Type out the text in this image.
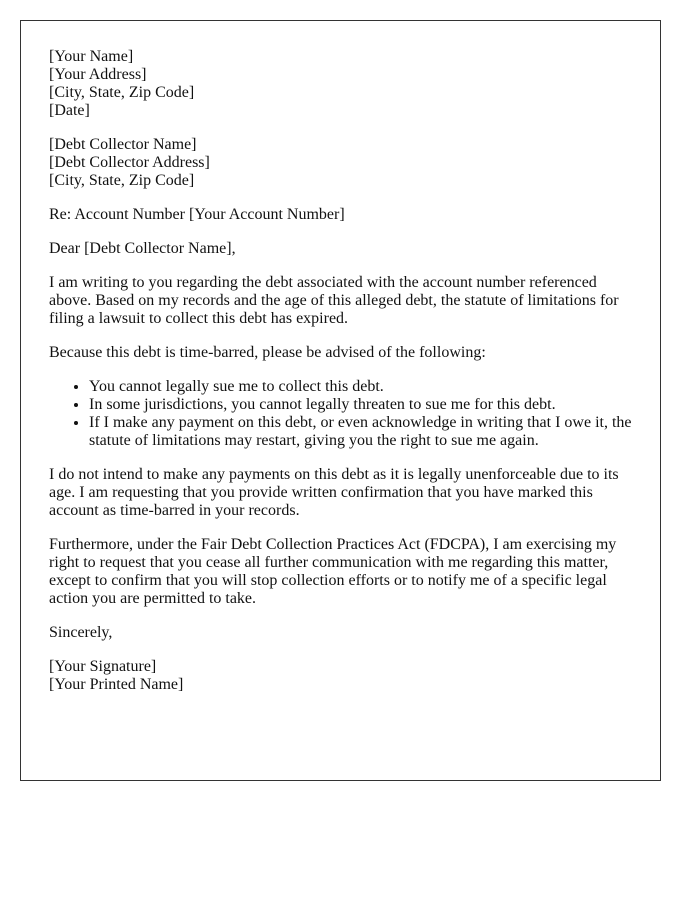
[Your Name]
[Your Address]
[City, State, Zip Code]
[Date]
[Debt Collector Name]
[Debt Collector Address]
[City, State, Zip Code]

Re: Account Number [Your Account Number]

Dear [Debt Collector Name],

I am writing to you regarding the debt associated with the account number referenced above. Based on my records and the age of this alleged debt, the statute of limitations for filing a lawsuit to collect this debt has expired.

Because this debt is time-barred, please be advised of the following:

• You cannot legally sue me to collect this debt.
• In some jurisdictions, you cannot legally threaten to sue me for this debt.
• If I make any payment on this debt, or even acknowledge in writing that I owe it, the statute of limitations may restart, giving you the right to sue me again.

I do not intend to make any payments on this debt as it is legally unenforceable due to its age. I am requesting that you provide written confirmation that you have marked this account as time-barred in your records.

Furthermore, under the Fair Debt Collection Practices Act (FDCPA), I am exercising my right to request that you cease all further communication with me regarding this matter, except to confirm that you will stop collection efforts or to notify me of a specific legal action you are permitted to take.

Sincerely,

[Your Signature]
[Your Printed Name]
